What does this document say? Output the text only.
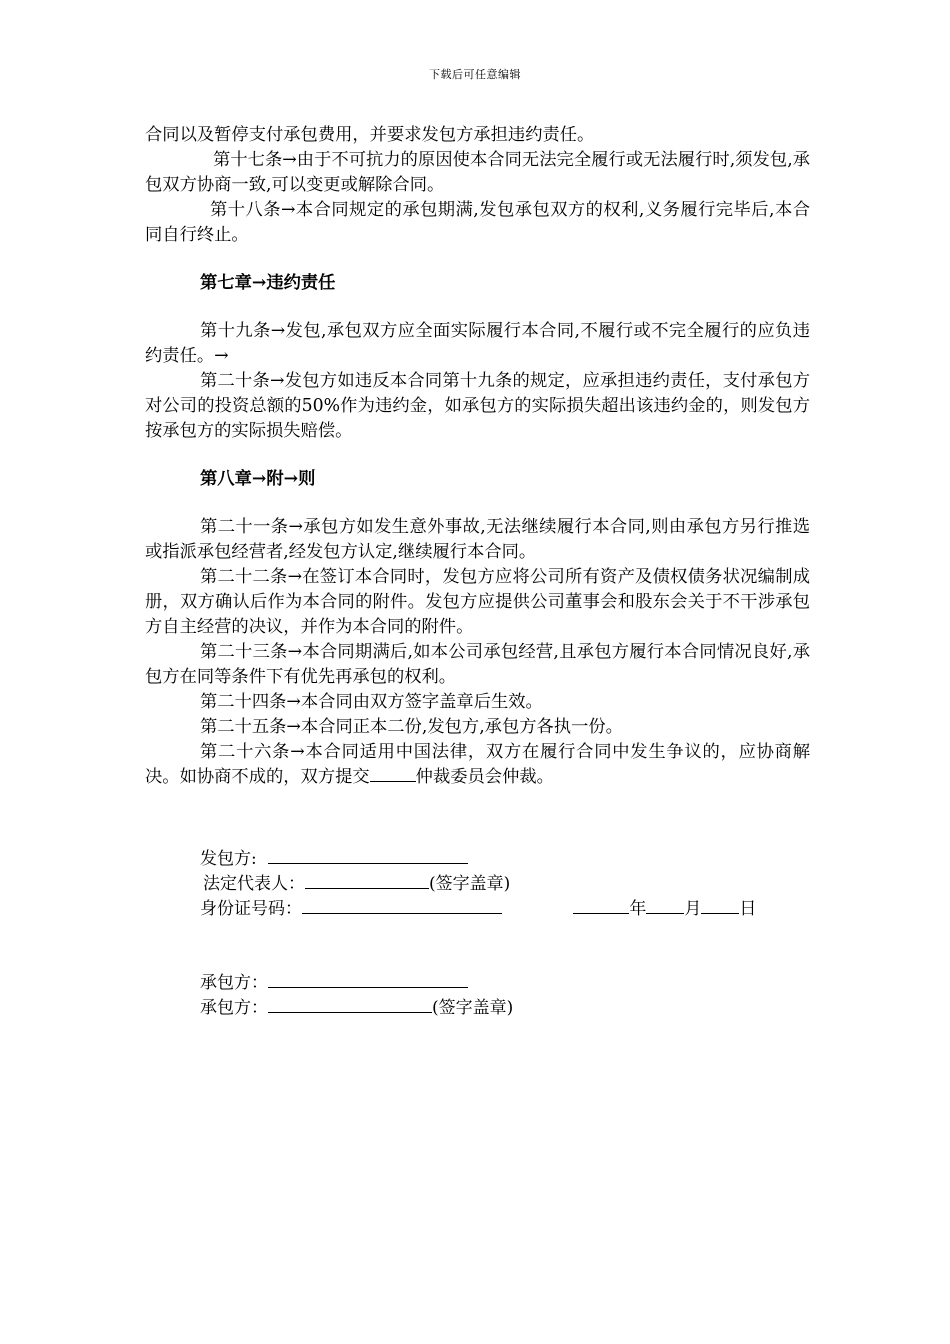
下载后可任意编辑

合同以及暂停支付承包费用，并要求发包方承担违约责任。

第十七条→由于不可抗力的原因使本合同无法完全履行或无法履行时,须发包,承包双方协商一致,可以变更或解除合同。

第十八条→本合同规定的承包期满,发包承包双方的权利,义务履行完毕后,本合同自行终止。

第七章→违约责任

第十九条→发包,承包双方应全面实际履行本合同,不履行或不完全履行的应负违约责任。→

第二十条→发包方如违反本合同第十九条的规定，应承担违约责任，支付承包方对公司的投资总额的50%作为违约金，如承包方的实际损失超出该违约金的，则发包方按承包方的实际损失赔偿。

第八章→附→则

第二十一条→承包方如发生意外事故,无法继续履行本合同,则由承包方另行推选或指派承包经营者,经发包方认定,继续履行本合同。

第二十二条→在签订本合同时，发包方应将公司所有资产及债权债务状况编制成册，双方确认后作为本合同的附件。发包方应提供公司董事会和股东会关于不干涉承包方自主经营的决议，并作为本合同的附件。

第二十三条→本合同期满后,如本公司承包经营,且承包方履行本合同情况良好,承包方在同等条件下有优先再承包的权利。

第二十四条→本合同由双方签字盖章后生效。

第二十五条→本合同正本二份,发包方,承包方各执一份。

第二十六条→本合同适用中国法律，双方在履行合同中发生争议的，应协商解决。如协商不成的，双方提交	仲裁委员会仲裁。

发包方:
法定代表人：	(签字盖章)
身份证号码：	年 月 日
承包方：
承包方：	(签字盖章)
